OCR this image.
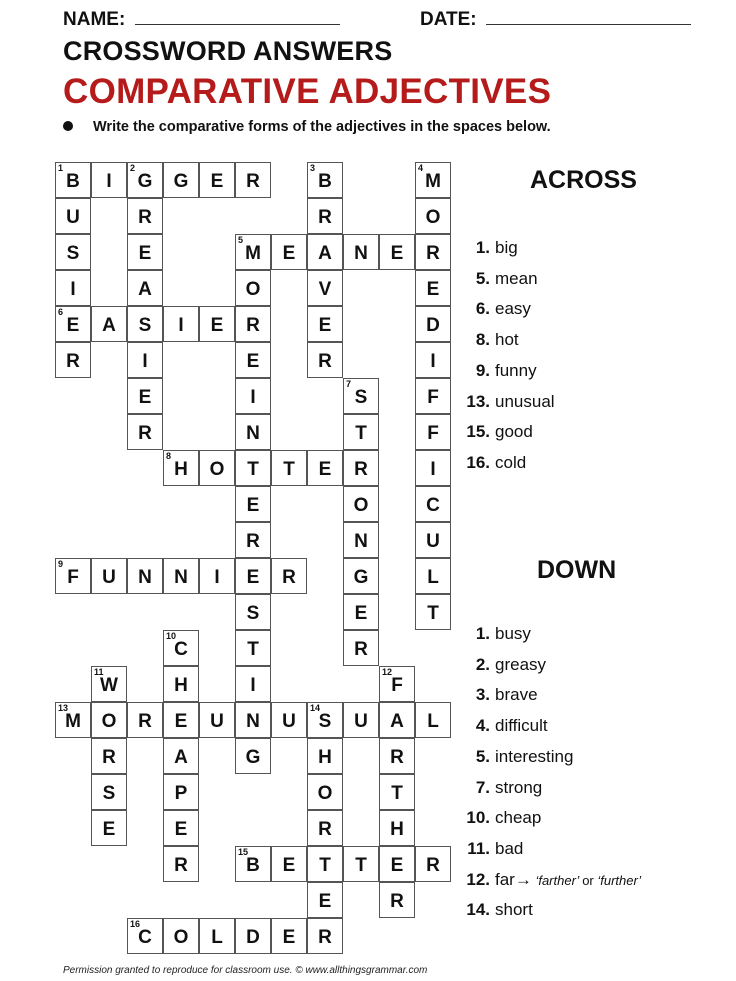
NAME:	DATE:
CROSSWORD ANSWERS
COMPARATIVE ADJECTIVES
Write the comparative forms of the adjectives in the spaces below.
1
B	I
2
G	G	E	R
3
B
4
M
5
M	E	A	N	E	R
6
E	A	S	I	E	R
8
H	O	T	T	E	R
9
F	U	N	N	I	E	R
13
M	O	R	E	U	N	U
14
S	U	A	L
15
B	E	T	T	E	R
16
C	O	L	D	E	R
U
S
I
R
R
E
A
I
E
R
R
V
E
R
O
E
D
I
F
F
I
C
U
L
T
O
E
I
N
E
R
S
T
I
G
7
S
T
O
N
G
E
R
10
C
H
A
P
E
R
11
W
R
S
E
12
F
R
T
H
R
H
O
R
E
ACROSS
1. big
5. mean
6. easy
8. hot
9. funny
13. unusual
15. good
16. cold
DOWN
1. busy
2. greasy
3. brave
4. difficult
5. interesting
7. strong
10. cheap
11. bad
12. far→ ‘farther’ or ‘further’
14. short
Permission granted to reproduce for classroom use. © www.allthingsgrammar.com
